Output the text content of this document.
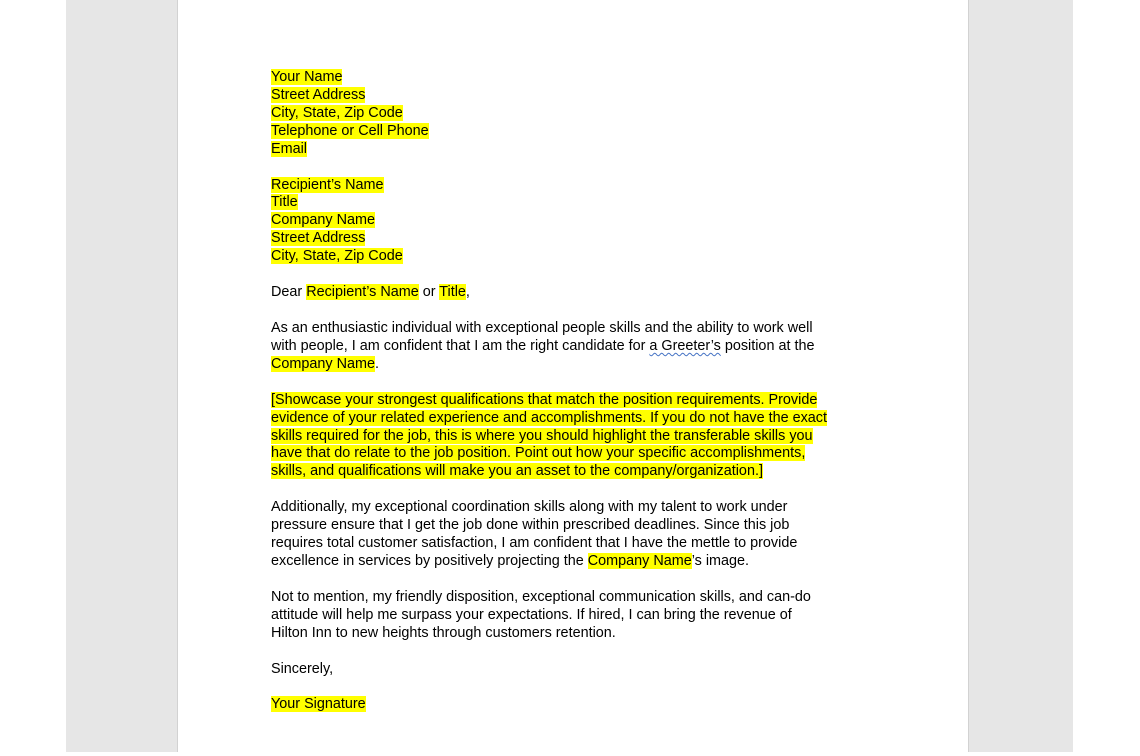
Your Name
Street Address
City, State, Zip Code
Telephone or Cell Phone
Email
Recipient’s Name
Title
Company Name
Street Address
City, State, Zip Code
Dear Recipient’s Name or Title,
As an enthusiastic individual with exceptional people skills and the ability to work well
with people, I am confident that I am the right candidate for a Greeter’s position at the
Company Name.
[Showcase your strongest qualifications that match the position requirements. Provide
evidence of your related experience and accomplishments. If you do not have the exact
skills required for the job, this is where you should highlight the transferable skills you
have that do relate to the job position. Point out how your specific accomplishments,
skills, and qualifications will make you an asset to the company/organization.]
Additionally, my exceptional coordination skills along with my talent to work under
pressure ensure that I get the job done within prescribed deadlines. Since this job
requires total customer satisfaction, I am confident that I have the mettle to provide
excellence in services by positively projecting the Company Name’s image.
Not to mention, my friendly disposition, exceptional communication skills, and can-do
attitude will help me surpass your expectations. If hired, I can bring the revenue of
Hilton Inn to new heights through customers retention.
Sincerely,
Your Signature
